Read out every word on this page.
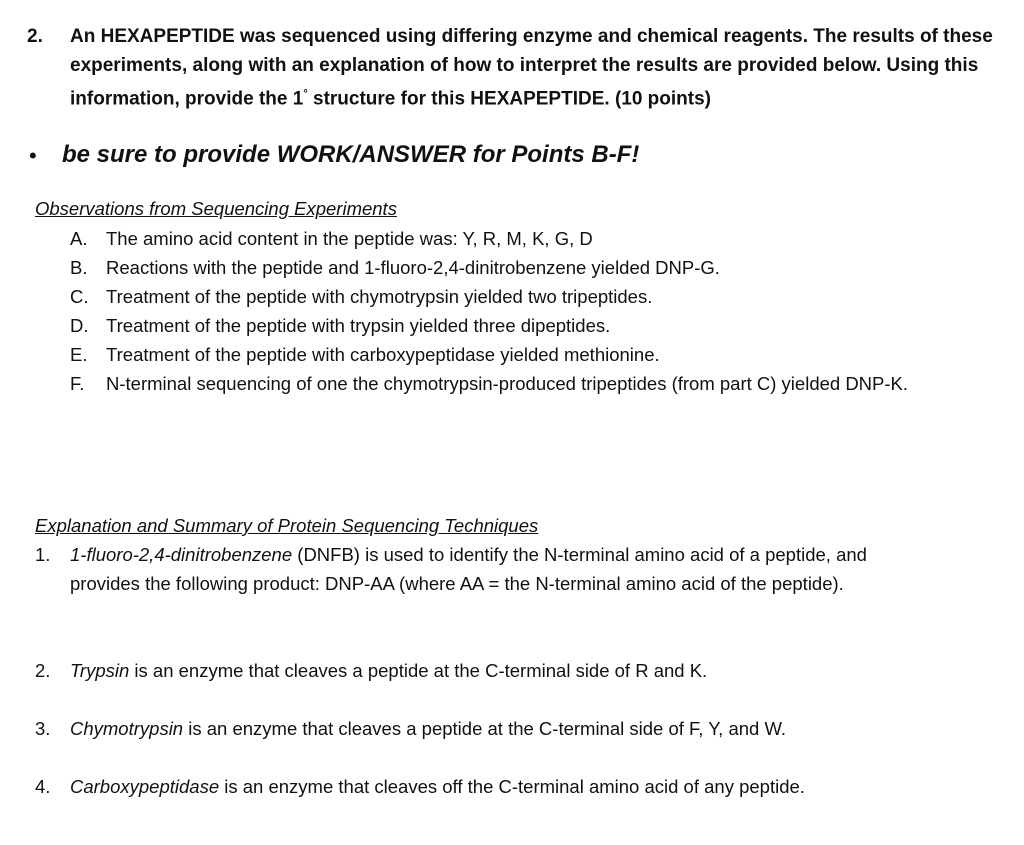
2. An HEXAPEPTIDE was sequenced using differing enzyme and chemical reagents. The results of these experiments, along with an explanation of how to interpret the results are provided below. Using this information, provide the 1° structure for this HEXAPEPTIDE. (10 points)
• be sure to provide WORK/ANSWER for Points B-F!
Observations from Sequencing Experiments
A.	The amino acid content in the peptide was: Y, R, M, K, G, D
B.	Reactions with the peptide and 1-fluoro-2,4-dinitrobenzene yielded DNP-G.
C. Treatment of the peptide with chymotrypsin yielded two tripeptides.
D. Treatment of the peptide with trypsin yielded three dipeptides.
E.	Treatment of the peptide with carboxypeptidase yielded methionine.
F.	N-terminal sequencing of one the chymotrypsin-produced tripeptides (from part C) yielded DNP-K.
Explanation and Summary of Protein Sequencing Techniques
1.	1-fluoro-2,4-dinitrobenzene (DNFB) is used to identify the N-terminal amino acid of a peptide, and provides the following product: DNP-AA (where AA = the N-terminal amino acid of the peptide).
2.	Trypsin is an enzyme that cleaves a peptide at the C-terminal side of R and K.
3.	Chymotrypsin is an enzyme that cleaves a peptide at the C-terminal side of F, Y, and W.
4.	Carboxypeptidase is an enzyme that cleaves off the C-terminal amino acid of any peptide.
